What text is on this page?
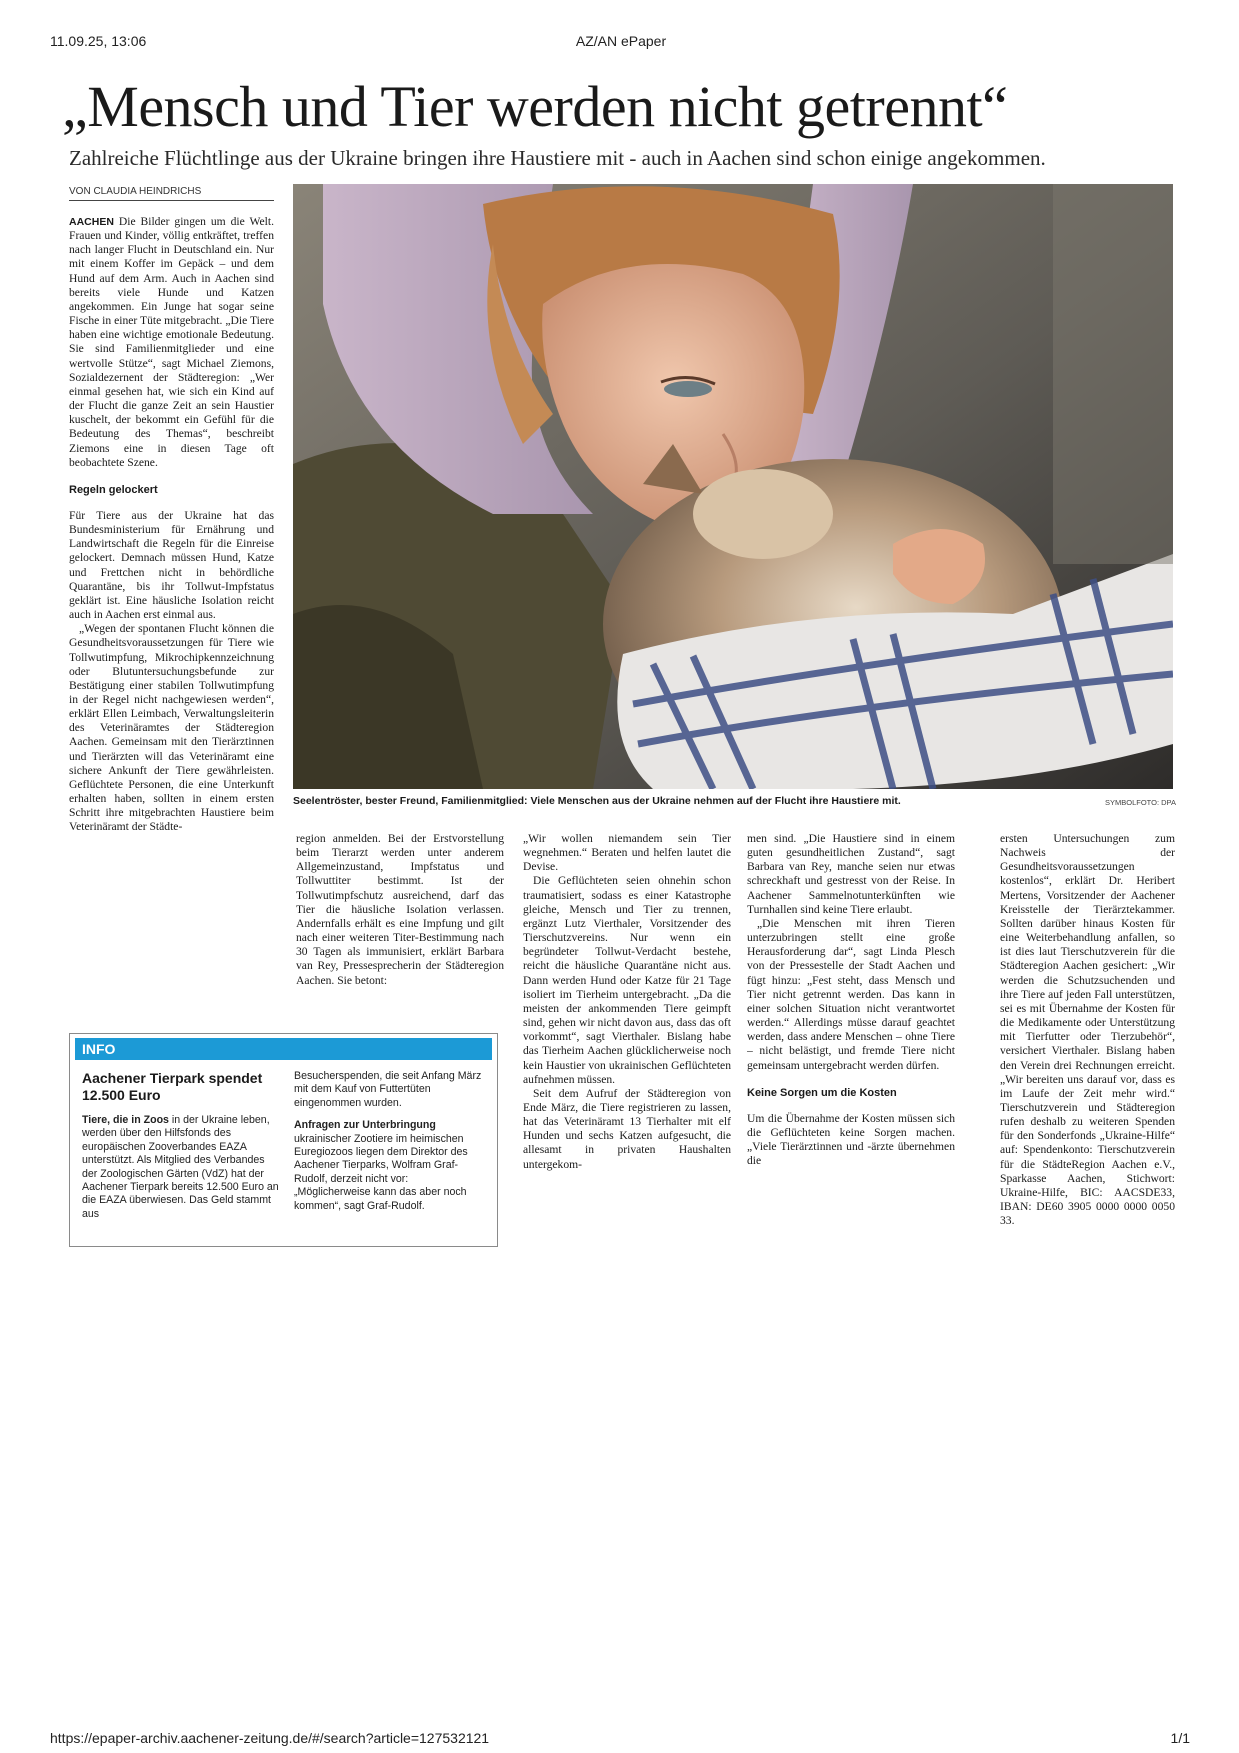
11.09.25, 13:06	AZ/AN ePaper
„Mensch und Tier werden nicht getrennt“
Zahlreiche Flüchtlinge aus der Ukraine bringen ihre Haustiere mit - auch in Aachen sind schon einige angekommen.
VON CLAUDIA HEINDRICHS
Seelentröster, bester Freund, Familienmitglied: Viele Menschen aus der Ukraine nehmen auf der Flucht ihre Haustiere mit.	SYMBOLFOTO: DPA

AACHEN Die Bilder gingen um die Welt. Frauen und Kinder, völlig entkräftet, treffen nach langer Flucht in Deutschland ein. Nur mit einem Koffer im Gepäck – und dem Hund auf dem Arm. Auch in Aachen sind bereits viele Hunde und Katzen angekommen. Ein Junge hat sogar seine Fische in einer Tüte mitgebracht. „Die Tiere haben eine wichtige emotionale Bedeutung. Sie sind Familienmitglieder und eine wertvolle Stütze“, sagt Michael Ziemons, Sozialdezernent der Städteregion: „Wer einmal gesehen hat, wie sich ein Kind auf der Flucht die ganze Zeit an sein Haustier kuschelt, der bekommt ein Gefühl für die Bedeutung des Themas“, beschreibt Ziemons eine in diesen Tage oft beobachtete Szene.

Regeln gelockert

Für Tiere aus der Ukraine hat das Bundesministerium für Ernährung und Landwirtschaft die Regeln für die Einreise gelockert. Demnach müssen Hund, Katze und Frettchen nicht in behördliche Quarantäne, bis ihr Tollwut-Impfstatus geklärt ist. Eine häusliche Isolation reicht auch in Aachen erst einmal aus.

„Wegen der spontanen Flucht können die Gesundheitsvoraussetzungen für Tiere wie Tollwutimpfung, Mikrochipkennzeichnung oder Blutuntersuchungsbefunde zur Bestätigung einer stabilen Tollwutimpfung in der Regel nicht nachgewiesen werden“, erklärt Ellen Leimbach, Verwaltungsleiterin des Veterinäramtes der Städteregion Aachen. Gemeinsam mit den Tierärztinnen und Tierärzten will das Veterinäramt eine sichere Ankunft der Tiere gewährleisten. Geflüchtete Personen, die eine Unterkunft erhalten haben, sollten in einem ersten Schritt ihre mitgebrachten Haustiere beim Veterinäramt der Städte-

region anmelden. Bei der Erstvorstellung beim Tierarzt werden unter anderem Allgemeinzustand, Impfstatus und Tollwuttiter bestimmt. Ist der Tollwutimpfschutz ausreichend, darf das Tier die häusliche Isolation verlassen. Andernfalls erhält es eine Impfung und gilt nach einer weiteren Titer-Bestimmung nach 30 Tagen als immunisiert, erklärt Barbara van Rey, Pressesprecherin der Städteregion Aachen. Sie betont:

„Wir wollen niemandem sein Tier wegnehmen.“ Beraten und helfen lautet die Devise.

Die Geflüchteten seien ohnehin schon traumatisiert, sodass es einer Katastrophe gleiche, Mensch und Tier zu trennen, ergänzt Lutz Vierthaler, Vorsitzender des Tierschutzvereins. Nur wenn ein begründeter Tollwut-Verdacht bestehe, reicht die häusliche Quarantäne nicht aus. Dann werden Hund oder Katze für 21 Tage isoliert im Tierheim untergebracht. „Da die meisten der ankommenden Tiere geimpft sind, gehen wir nicht davon aus, dass das oft vorkommt“, sagt Vierthaler. Bislang habe das Tierheim Aachen glücklicherweise noch kein Haustier von ukrainischen Geflüchteten aufnehmen müssen.

Seit dem Aufruf der Städteregion von Ende März, die Tiere registrieren zu lassen, hat das Veterinäramt 13 Tierhalter mit elf Hunden und sechs Katzen aufgesucht, die allesamt in privaten Haushalten untergekom-

men sind. „Die Haustiere sind in einem guten gesundheitlichen Zustand“, sagt Barbara van Rey, manche seien nur etwas schreckhaft und gestresst von der Reise. In Aachener Sammelnotunterkünften wie Turnhallen sind keine Tiere erlaubt.

„Die Menschen mit ihren Tieren unterzubringen stellt eine große Herausforderung dar“, sagt Linda Plesch von der Pressestelle der Stadt Aachen und fügt hinzu: „Fest steht, dass Mensch und Tier nicht getrennt werden. Das kann in einer solchen Situation nicht verantwortet werden.“ Allerdings müsse darauf geachtet werden, dass andere Menschen – ohne Tiere – nicht belästigt, und fremde Tiere nicht gemeinsam untergebracht werden dürfen.

Keine Sorgen um die Kosten

Um die Übernahme der Kosten müssen sich die Geflüchteten keine Sorgen machen. „Viele Tierärztinnen und -ärzte übernehmen die

ersten Untersuchungen zum Nachweis der Gesundheitsvoraussetzungen kostenlos“, erklärt Dr. Heribert Mertens, Vorsitzender der Aachener Kreisstelle der Tierärztekammer. Sollten darüber hinaus Kosten für eine Weiterbehandlung anfallen, so ist dies laut Tierschutzverein für die Städteregion Aachen gesichert: „Wir werden die Schutzsuchenden und ihre Tiere auf jeden Fall unterstützen, sei es mit Übernahme der Kosten für die Medikamente oder Unterstützung mit Tierfutter oder Tierzubehör“, versichert Vierthaler. Bislang haben den Verein drei Rechnungen erreicht. „Wir bereiten uns darauf vor, dass es im Laufe der Zeit mehr wird.“ Tierschutzverein und Städteregion rufen deshalb zu weiteren Spenden für den Sonderfonds „Ukraine-Hilfe“ auf: Spendenkonto: Tierschutzverein für die StädteRegion Aachen e.V., Sparkasse Aachen, Stichwort: Ukraine-Hilfe, BIC: AACSDE33, IBAN: DE60 3905 0000 0000 0050 33.

INFO
Aachener Tierpark spendet 12.500 Euro
Tiere, die in Zoos in der Ukraine leben, werden über den Hilfsfonds des europäischen Zooverbandes EAZA unterstützt. Als Mitglied des Verbandes der Zoologischen Gärten (VdZ) hat der Aachener Tierpark bereits 12.500 Euro an die EAZA überwiesen. Das Geld stammt aus
Besucherspenden, die seit Anfang März mit dem Kauf von Futtertüten eingenommen wurden.
Anfragen zur Unterbringung
ukrainischer Zootiere im heimischen Euregiozoos liegen dem Direktor des Aachener Tierparks, Wolfram Graf-Rudolf, derzeit nicht vor: „Möglicherweise kann das aber noch kommen“, sagt Graf-Rudolf.
https://epaper-archiv.aachener-zeitung.de/#/search?article=127532121	1/1
